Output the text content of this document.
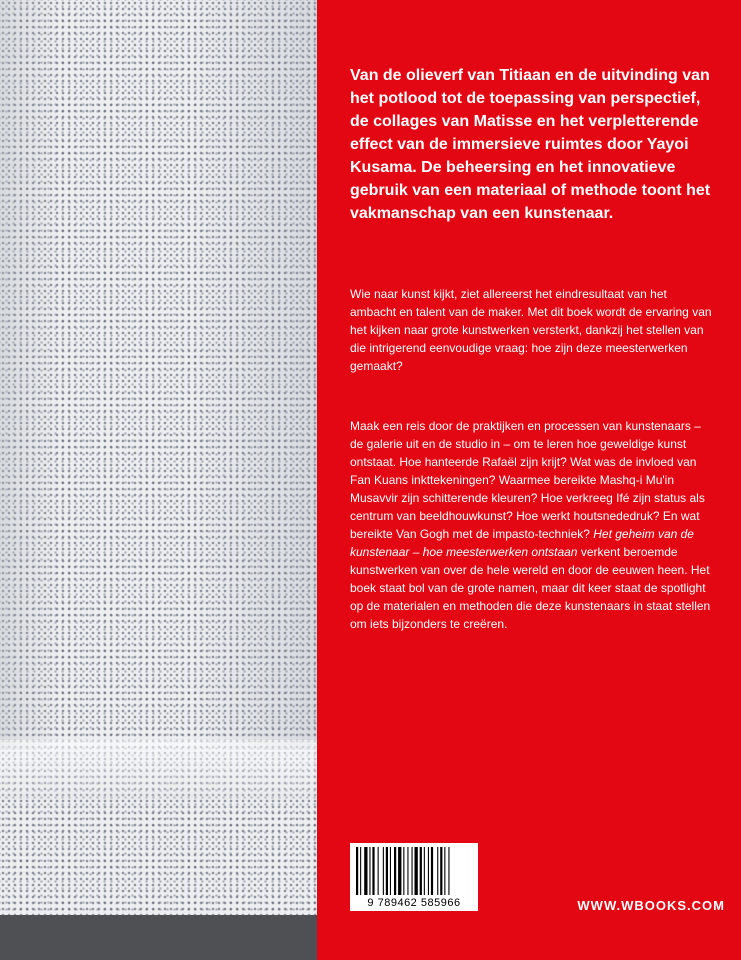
Van de olieverf van Titiaan en de uitvinding van het potlood tot de toepassing van perspectief, de collages van Matisse en het verpletterende effect van de immersieve ruimtes door Yayoi Kusama. De beheersing en het innovatieve gebruik van een materiaal of methode toont het vakmanschap van een kunstenaar.

Wie naar kunst kijkt, ziet allereerst het eindresultaat van het ambacht en talent van de maker. Met dit boek wordt de ervaring van het kijken naar grote kunstwerken versterkt, dankzij het stellen van die intrigerend eenvoudige vraag: hoe zijn deze meesterwerken gemaakt?

Maak een reis door de praktijken en processen van kunstenaars – de galerie uit en de studio in – om te leren hoe geweldige kunst ontstaat. Hoe hanteerde Rafaël zijn krijt? Wat was de invloed van Fan Kuans inkttekeningen? Waarmee bereikte Mashq-i Mu'in Musavvir zijn schitterende kleuren? Hoe verkreeg Ifé zijn status als centrum van beeldhouwkunst? Hoe werkt houtsnededruk? En wat bereikte Van Gogh met de impasto-techniek? Het geheim van de kunstenaar – hoe meesterwerken ontstaan verkent beroemde kunstwerken van over de hele wereld en door de eeuwen heen. Het boek staat bol van de grote namen, maar dit keer staat de spotlight op de materialen en methoden die deze kunstenaars in staat stellen om iets bijzonders te creëren.

9 789462 585966	WWW.WBOOKS.COM
